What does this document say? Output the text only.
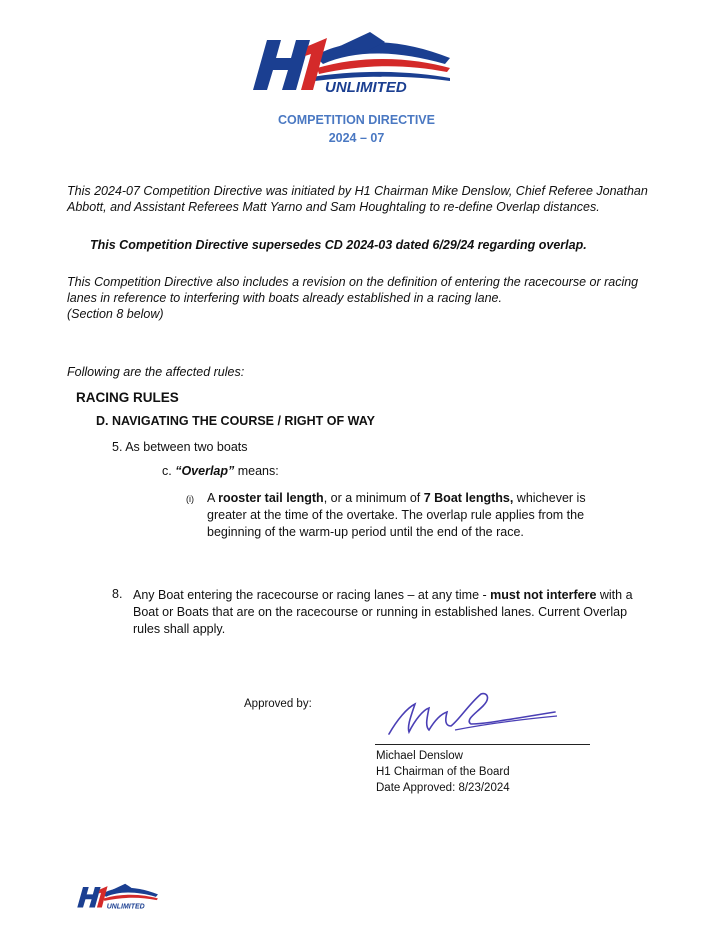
UNLIMITED
COMPETITION DIRECTIVE
2024 – 07
This 2024-07 Competition Directive was initiated by H1 Chairman Mike Denslow, Chief Referee Jonathan Abbott, and Assistant Referees Matt Yarno and Sam Houghtaling to re-define Overlap distances.
This Competition Directive supersedes CD 2024-03 dated 6/29/24 regarding overlap.
This Competition Directive also includes a revision on the definition of entering the racecourse or racing lanes in reference to interfering with boats already established in a racing lane.
(Section 8 below)
Following are the affected rules:
RACING RULES
D. NAVIGATING THE COURSE / RIGHT OF WAY
5. As between two boats
c. “Overlap” means:
(i) A rooster tail length, or a minimum of 7 Boat lengths, whichever is greater at the time of the overtake. The overlap rule applies from the beginning of the warm-up period until the end of the race.
8. Any Boat entering the racecourse or racing lanes – at any time - must not interfere with a Boat or Boats that are on the racecourse or running in established lanes. Current Overlap rules shall apply.
Approved by:
Michael Denslow
H1 Chairman of the Board
Date Approved: 8/23/2024
UNLIMITED
